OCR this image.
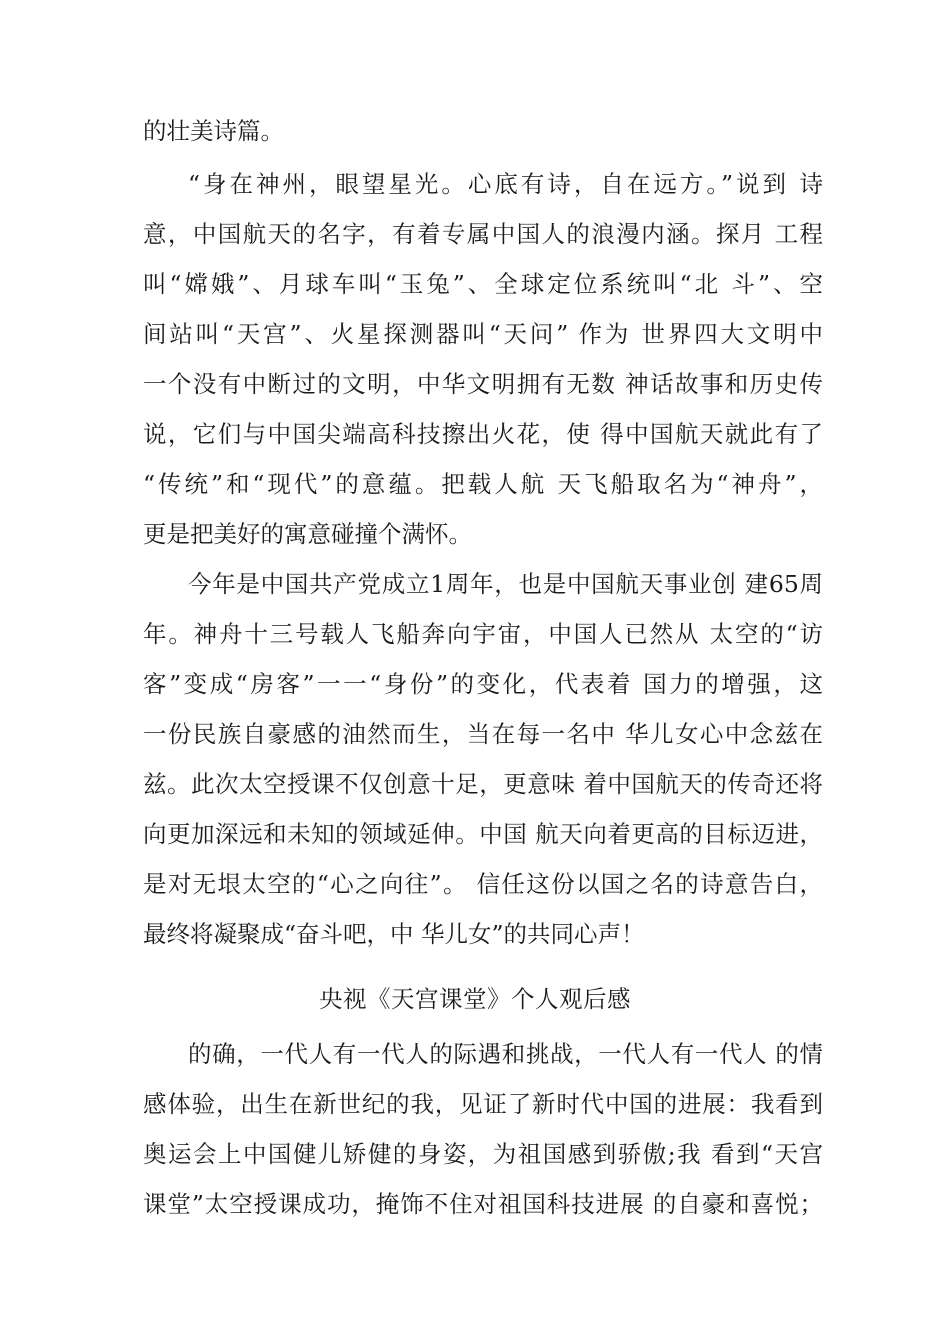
的壮美诗篇。
“身在神州，眼望星光。心底有诗，自在远方。”说到 诗
意，中国航天的名字，有着专属中国人的浪漫内涵。探月 工程
叫“嫦娥”、月球车叫“玉兔”、全球定位系统叫“北 斗”、空
间站叫“天宫”、火星探测器叫“天问” 作为 世界四大文明中
一个没有中断过的文明，中华文明拥有无数 神话故事和历史传
说，它们与中国尖端高科技擦出火花，使 得中国航天就此有了
“传统”和“现代”的意蕴。把载人航 天飞船取名为“神舟”，
更是把美好的寓意碰撞个满怀。
今年是中国共产党成立1周年，也是中国航天事业创 建65周
年。神舟十三号载人飞船奔向宇宙，中国人已然从 太空的“访
客”变成“房客”一一“身份”的变化，代表着 国力的增强，这
一份民族自豪感的油然而生，当在每一名中 华儿女心中念兹在
兹。此次太空授课不仅创意十足，更意味 着中国航天的传奇还将
向更加深远和未知的领域延伸。中国 航天向着更高的目标迈进，
是对无垠太空的“心之向往”。 信任这份以国之名的诗意告白，
最终将凝聚成“奋斗吧，中 华儿女”的共同心声！
央视《天宫课堂》个人观后感
的确，一代人有一代人的际遇和挑战，一代人有一代人 的情
感体验，出生在新世纪的我，见证了新时代中国的进展：我看到
奥运会上中国健儿矫健的身姿，为祖国感到骄傲;我 看到“天宫
课堂”太空授课成功，掩饰不住对祖国科技进展 的自豪和喜悦；
